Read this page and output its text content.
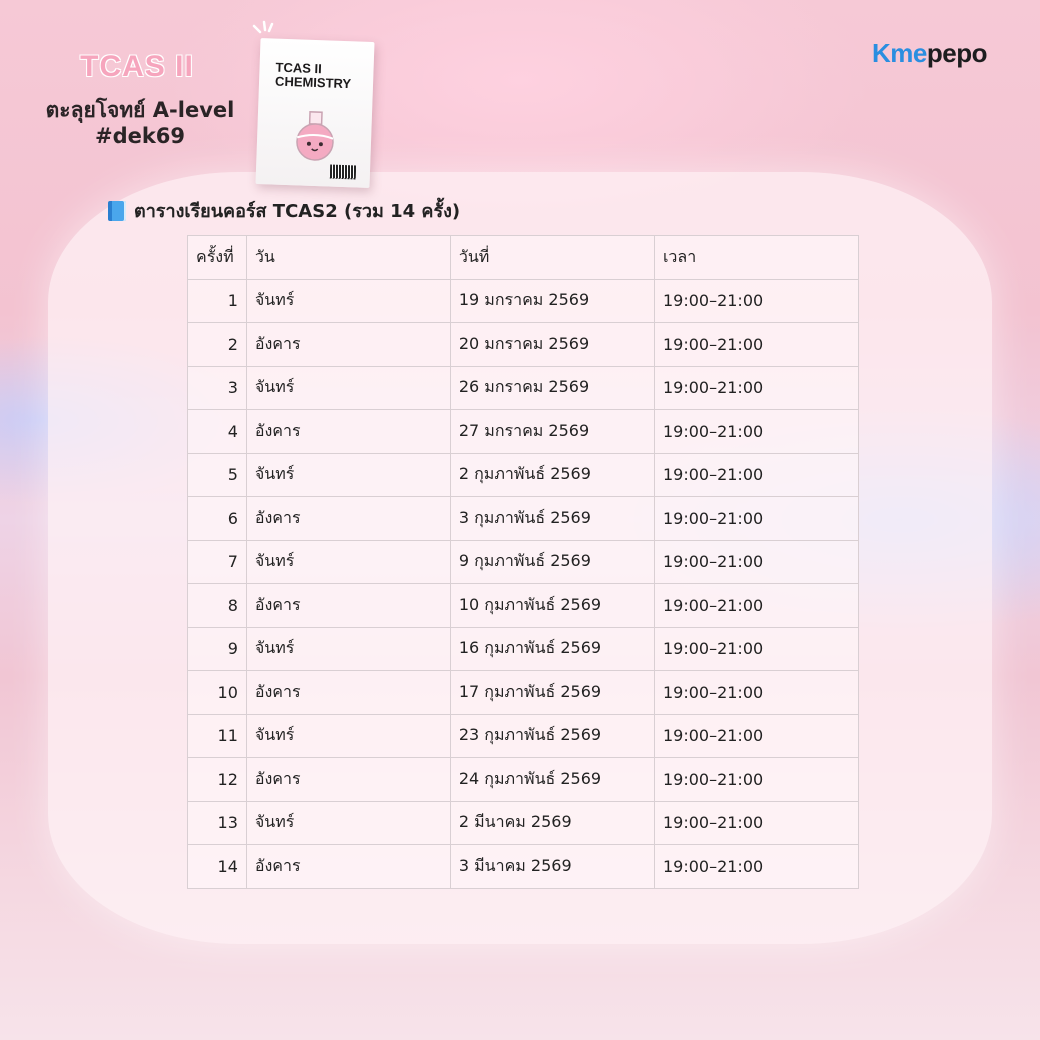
TCAS II
ตะลุยโจทย์ A-level
#dek69
TCAS II
CHEMISTRY
Kmepepo
ตารางเรียนคอร์ส TCAS2 (รวม 14 ครั้ง)
ครั้งที่	วัน	วันที่	เวลา
1	จันทร์	19 มกราคม 2569	19:00–21:00
2	อังคาร	20 มกราคม 2569	19:00–21:00
3	จันทร์	26 มกราคม 2569	19:00–21:00
4	อังคาร	27 มกราคม 2569	19:00–21:00
5	จันทร์	2 กุมภาพันธ์ 2569	19:00–21:00
6	อังคาร	3 กุมภาพันธ์ 2569	19:00–21:00
7	จันทร์	9 กุมภาพันธ์ 2569	19:00–21:00
8	อังคาร	10 กุมภาพันธ์ 2569	19:00–21:00
9	จันทร์	16 กุมภาพันธ์ 2569	19:00–21:00
10	อังคาร	17 กุมภาพันธ์ 2569	19:00–21:00
11	จันทร์	23 กุมภาพันธ์ 2569	19:00–21:00
12	อังคาร	24 กุมภาพันธ์ 2569	19:00–21:00
13	จันทร์	2 มีนาคม 2569	19:00–21:00
14	อังคาร	3 มีนาคม 2569	19:00–21:00
